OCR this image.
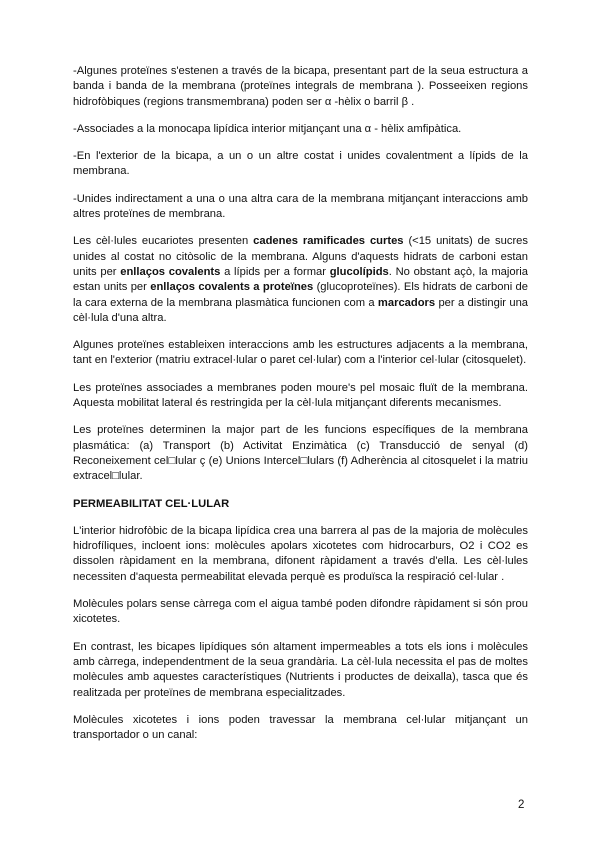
-Algunes proteïnes s'estenen a través de la bicapa, presentant part de la seua estructura a banda i banda de la membrana (proteïnes integrals de membrana ). Posseeixen regions hidrofòbiques (regions transmembrana) poden ser α -hèlix o barril β .

-Associades a la monocapa lipídica interior mitjançant una α - hèlix amfipàtica.

-En l'exterior de la bicapa, a un o un altre costat i unides covalentment a lípids de la membrana.

-Unides indirectament a una o una altra cara de la membrana mitjançant interaccions amb altres proteïnes de membrana.

Les cèl·lules eucariotes presenten cadenes ramificades curtes (<15 unitats) de sucres unides al costat no citòsolic de la membrana. Alguns d'aquests hidrats de carboni estan units per enllaços covalents a lípids per a formar glucolípids. No obstant açò, la majoria estan units per enllaços covalents a proteïnes (glucoproteïnes). Els hidrats de carboni de la cara externa de la membrana plasmàtica funcionen com a marcadors per a distingir una cèl·lula d'una altra.

Algunes proteïnes estableixen interaccions amb les estructures adjacents a la membrana, tant en l'exterior (matriu extracel·lular o paret cel·lular) com a l'interior cel·lular (citosquelet).

Les proteïnes associades a membranes poden moure's pel mosaic fluït de la membrana. Aquesta mobilitat lateral és restringida per la cèl·lula mitjançant diferents mecanismes.

Les proteïnes determinen la major part de les funcions específiques de la membrana plasmática: (a) Transport (b) Activitat Enzimàtica (c) Transducció de senyal (d) Reconeixement cel□lular ç (e) Unions Intercel□lulars (f) Adherència al citosquelet i la matriu extracel□lular.

PERMEABILITAT CEL·LULAR

L'interior hidrofòbic de la bicapa lipídica crea una barrera al pas de la majoria de molècules hidrofíliques, incloent ions: molècules apolars xicotetes com hidrocarburs, O2 i CO2 es dissolen ràpidament en la membrana, difonent ràpidament a través d'ella. Les cèl·lules necessiten d'aquesta permeabilitat elevada perquè es produïsca la respiració cel·lular .

Molècules polars sense càrrega com el aigua també poden difondre ràpidament si són prou xicotetes.

En contrast, les bicapes lipídiques són altament impermeables a tots els ions i molècules amb càrrega, independentment de la seua grandària. La cèl·lula necessita el pas de moltes molècules amb aquestes característiques (Nutrients i productes de deixalla), tasca que és realitzada per proteïnes de membrana especialitzades.

Molècules xicotetes i ions poden travessar la membrana cel·lular mitjançant un transportador o un canal:

2
